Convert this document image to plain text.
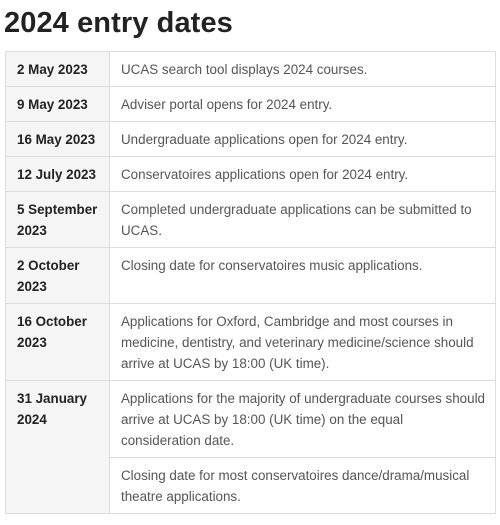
2024 entry dates
2 May 2023	UCAS search tool displays 2024 courses.
9 May 2023	Adviser portal opens for 2024 entry.
16 May 2023	Undergraduate applications open for 2024 entry.
12 July 2023	Conservatoires applications open for 2024 entry.
5 September 2023	Completed undergraduate applications can be submitted to UCAS.
2 October 2023	Closing date for conservatoires music applications.
16 October 2023	Applications for Oxford, Cambridge and most courses in medicine, dentistry, and veterinary medicine/science should arrive at UCAS by 18:00 (UK time).
31 January 2024	Applications for the majority of undergraduate courses should arrive at UCAS by 18:00 (UK time) on the equal consideration date.
	Closing date for most conservatoires dance/drama/musical theatre applications.
